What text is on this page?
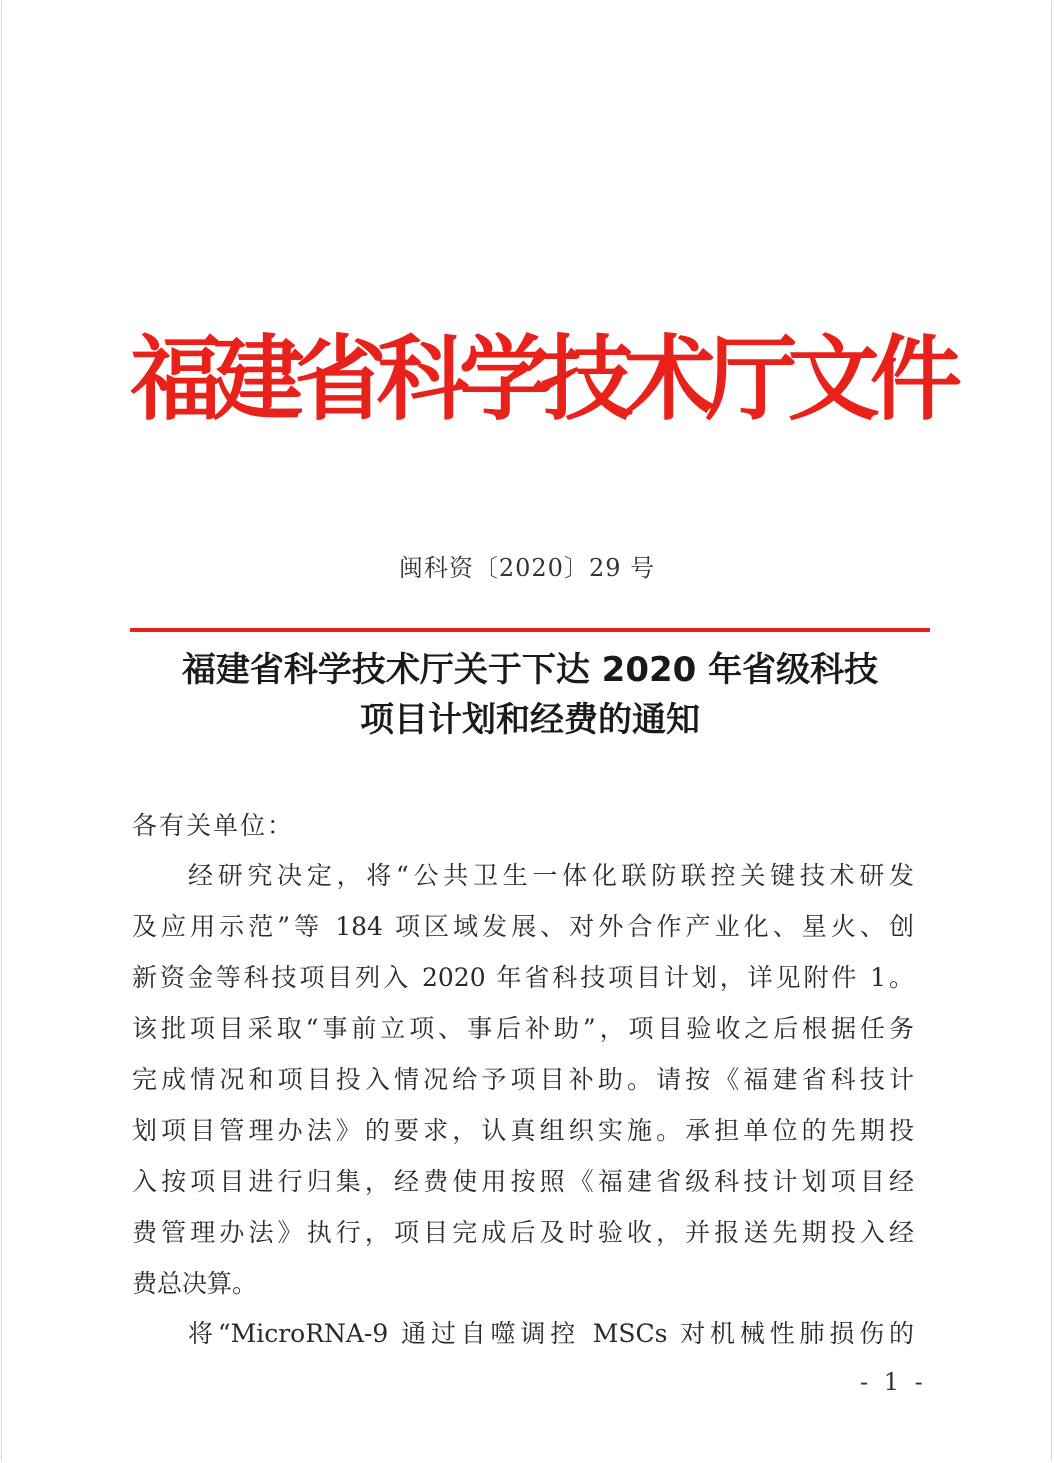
福
建
省
科
学
技
术
厅
文
件
闽科资〔2020〕29 号
福建省科学技术厅关于下达 2020 年省级科技
项目计划和经费的通知
各有关单位：
经研究决定，将“公共卫生一体化联防联控关键技术研发
及应用示范”等 184 项区域发展、对外合作产业化、星火、创
新资金等科技项目列入 2020 年省科技项目计划，详见附件 1。
该批项目采取“事前立项、事后补助”，项目验收之后根据任务
完成情况和项目投入情况给予项目补助。请按《福建省科技计
划项目管理办法》的要求，认真组织实施。承担单位的先期投
入按项目进行归集，经费使用按照《福建省级科技计划项目经
费管理办法》执行，项目完成后及时验收，并报送先期投入经
费总决算。
将“MicroRNA-9 通过自噬调控 MSCs 对机械性肺损伤的
- 1 -
